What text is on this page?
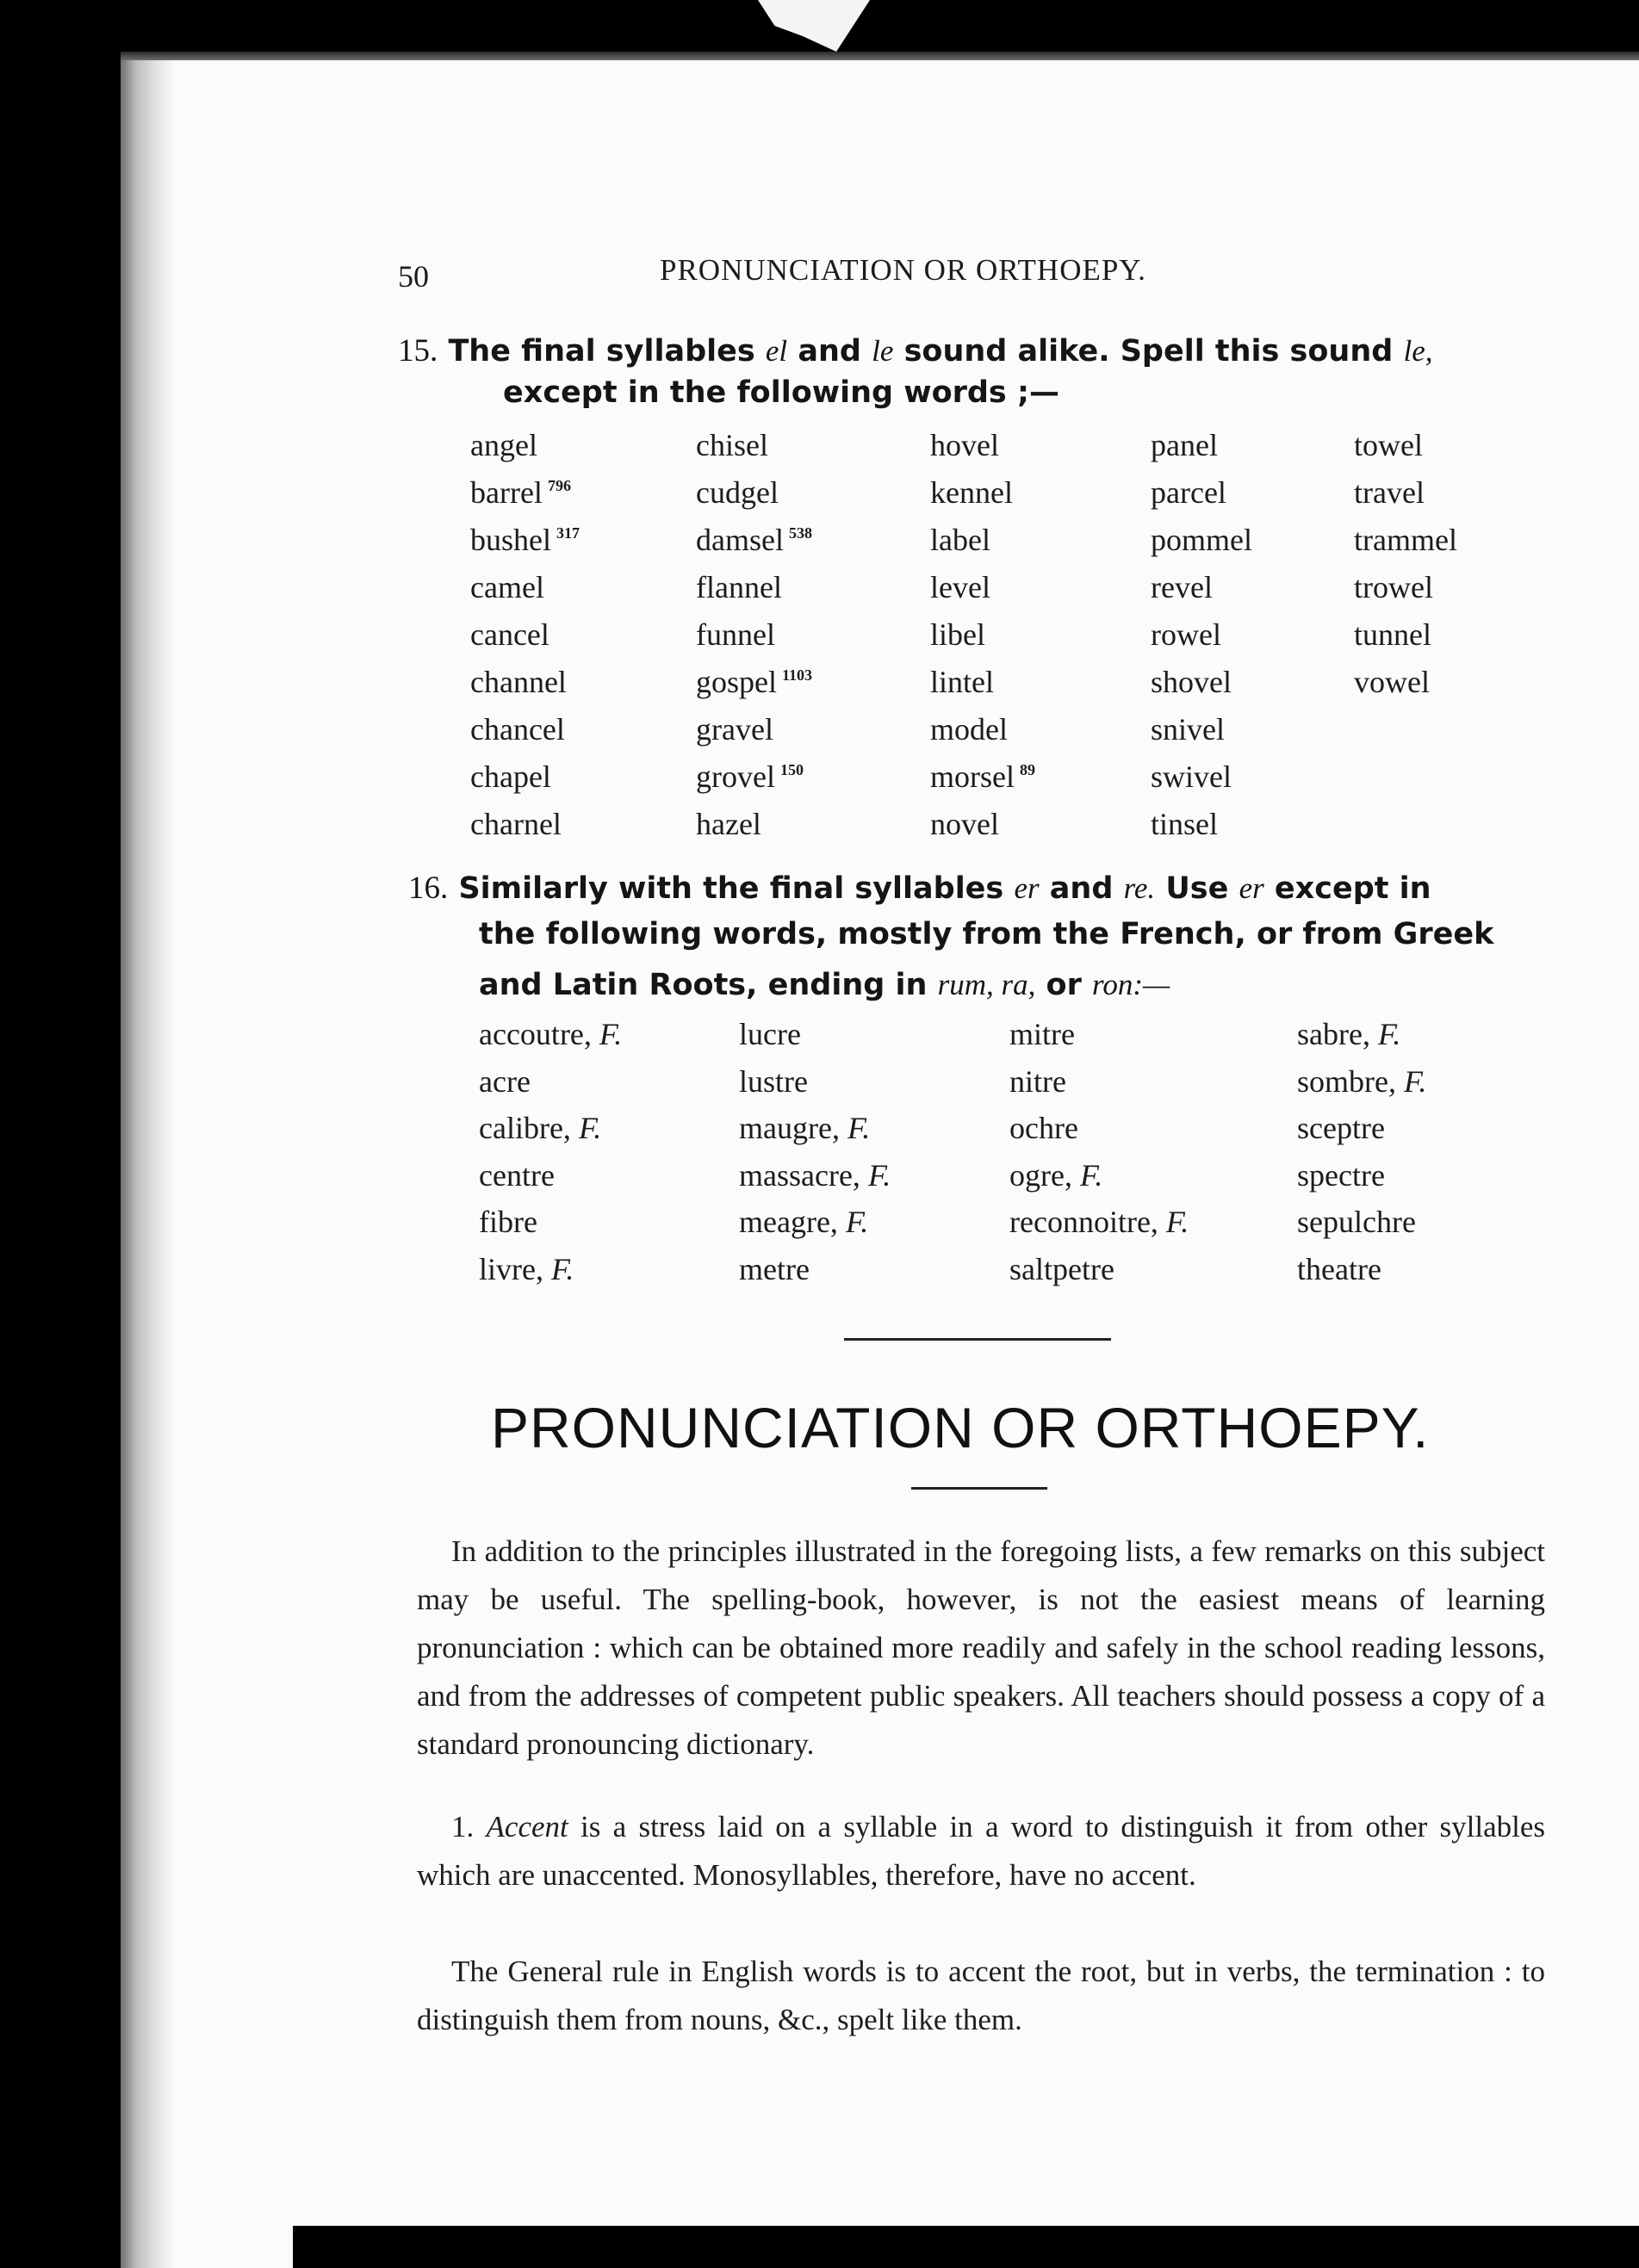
50	PRONUNCIATION OR ORTHOEPY.
15. The final syllables el and le sound alike. Spell this sound le,
except in the following words ;—
angel
barrel $^{796}$
bushel $^{317}$
camel
cancel
channel
chancel
chapel
charnel
chisel
cudgel
damsel $^{538}$
flannel
funnel
gospel $^{1103}$
gravel
grovel $^{150}$
hazel
hovel
kennel
label
level
libel
lintel
model
morsel $^{89}$
novel
panel
parcel
pommel
revel
rowel
shovel
snivel
swivel
tinsel
towel
travel
trammel
trowel
tunnel
vowel
16. Similarly with the final syllables er and re. Use er except in
the following words, mostly from the French, or from Greek
and Latin Roots, ending in rum, ra, or ron:—
accoutre, F.
acre
calibre, F.
centre
fibre
livre, F.
lucre
lustre
maugre, F.
massacre, F.
meagre, F.
metre
mitre
nitre
ochre
ogre, F.
reconnoitre, F.
saltpetre
sabre, F.
sombre, F.
sceptre
spectre
sepulchre
theatre
PRONUNCIATION OR ORTHOEPY.
In addition to the principles illustrated in the foregoing lists, a few remarks on this subject may be useful. The spelling-book, however, is not the easiest means of learning pronunciation : which can be obtained more readily and safely in the school reading lessons, and from the addresses of competent public speakers. All teachers should possess a copy of a standard pronouncing dictionary.
1. Accent is a stress laid on a syllable in a word to distinguish it from other syllables which are unaccented. Monosyllables, therefore, have no accent.
The General rule in English words is to accent the root, but in verbs, the termination : to distinguish them from nouns, &c., spelt like them.
